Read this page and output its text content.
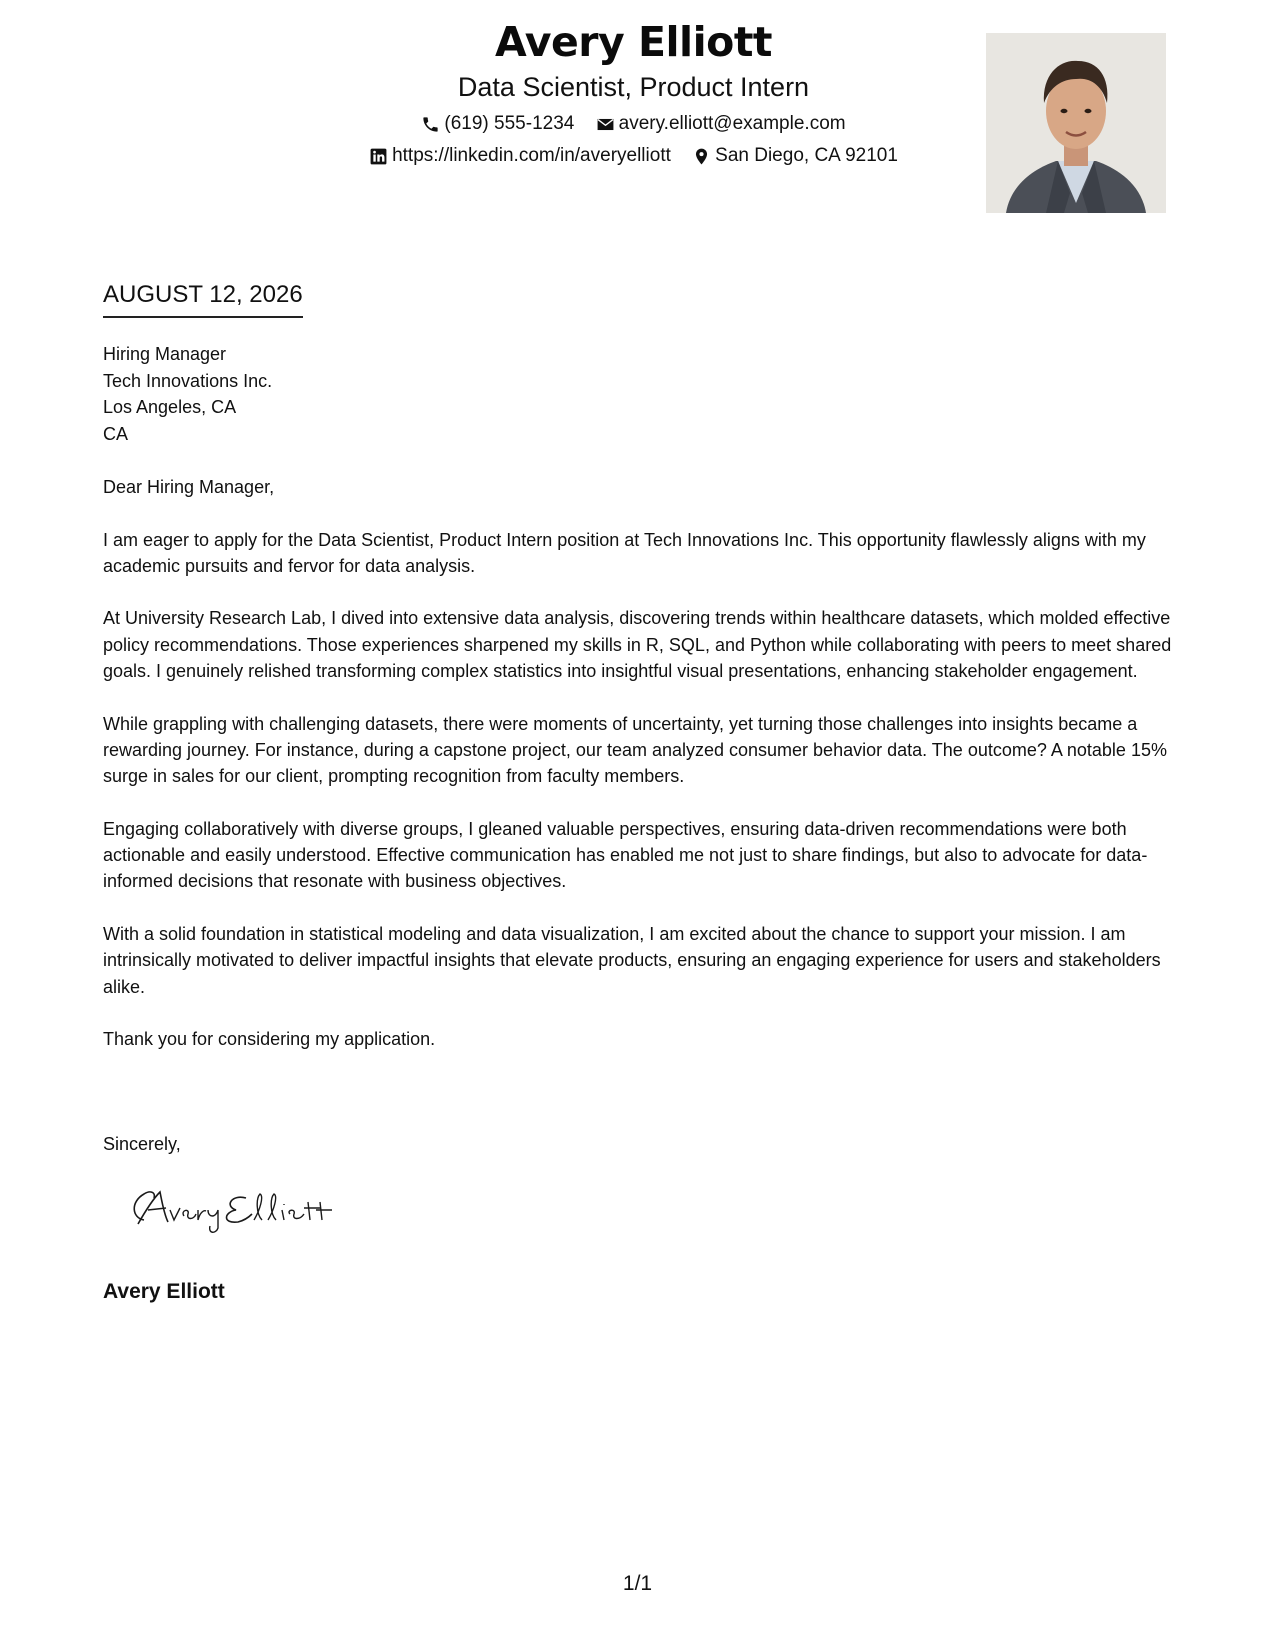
Avery Elliott
Data Scientist, Product Intern
(619) 555-1234
avery.elliott@example.com
https://linkedin.com/in/averyelliott
San Diego, CA 92101
AUGUST 12, 2026
Hiring Manager
Tech Innovations Inc.
Los Angeles, CA
CA

Dear Hiring Manager,

I am eager to apply for the Data Scientist, Product Intern position at Tech Innovations Inc. This opportunity flawlessly aligns with my academic pursuits and fervor for data analysis.

At University Research Lab, I dived into extensive data analysis, discovering trends within healthcare datasets, which molded effective policy recommendations. Those experiences sharpened my skills in R, SQL, and Python while collaborating with peers to meet shared goals. I genuinely relished transforming complex statistics into insightful visual presentations, enhancing stakeholder engagement.

While grappling with challenging datasets, there were moments of uncertainty, yet turning those challenges into insights became a rewarding journey. For instance, during a capstone project, our team analyzed consumer behavior data. The outcome? A notable 15% surge in sales for our client, prompting recognition from faculty members.

Engaging collaboratively with diverse groups, I gleaned valuable perspectives, ensuring data-driven recommendations were both actionable and easily understood. Effective communication has enabled me not just to share findings, but also to advocate for data-informed decisions that resonate with business objectives.

With a solid foundation in statistical modeling and data visualization, I am excited about the chance to support your mission. I am intrinsically motivated to deliver impactful insights that elevate products, ensuring an engaging experience for users and stakeholders alike.

Thank you for considering my application.

Sincerely,
Avery Elliott
1/1
